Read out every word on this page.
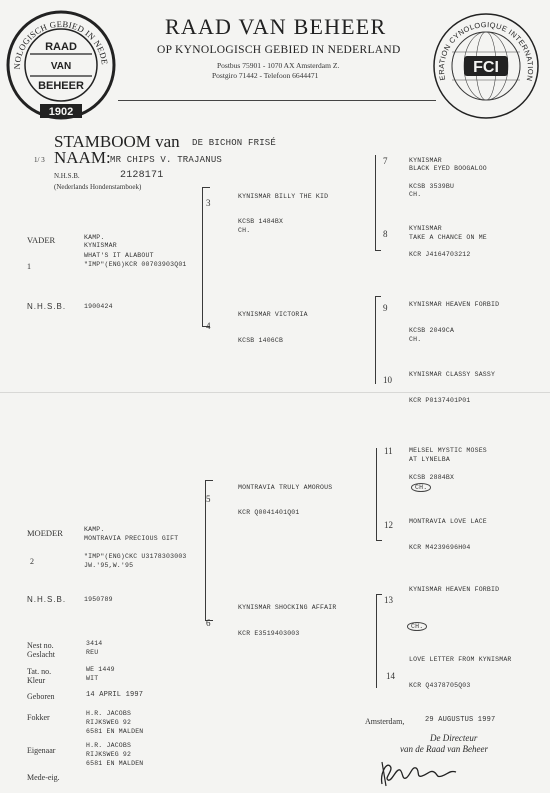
NOLOGISCH GEBIED IN NEDE
RAAD
VAN
BEHEER
1902
ERATION CYNOLOGIQUE INTERNATION
FCI
RAAD VAN BEHEER
OP KYNOLOGISCH GEBIED IN NEDERLAND
Postbus 75901 - 1070 AX Amsterdam Z.
Postgiro 71442 - Telefoon 6644471
STAMBOOM van DE BICHON FRISÉ
1/ 3 NAAM: MR CHIPS V. TRAJANUS
N.H.S.B.	2128171
(Nederlands Hondenstamboek)
VADER
1
KAMP.
KYNISMAR
WHAT'S IT ALABOUT
"IMP"(ENG)KCR 00703903Q01
N.H.S.B.	1900424
MOEDER
2
KAMP.
MONTRAVIA PRECIOUS GIFT
"IMP"(ENG)CKC U3178303003
JW.'95,W.'95
N.H.S.B.	1950789
3
KYNISMAR BILLY THE KID
KCSB 1484BX
CH.
4
KYNISMAR VICTORIA
KCSB 1406CB
5
MONTRAVIA TRULY AMOROUS
KCR Q0041401Q01
6
KYNISMAR SHOCKING AFFAIR
KCR E3519403003
7	KYNISMAR
BLACK EYED BOOGALOO
KCSB 3539BU
CH.
8
KYNISMAR
TAKE A CHANCE ON ME
KCR J4164703212
9	KYNISMAR HEAVEN FORBID
KCSB 2049CA
CH.
10
KYNISMAR CLASSY SASSY
KCR P0137401P01
11	MELSEL MYSTIC MOSES
AT LYNELBA
KCSB 2884BX
CH.
12 MONTRAVIA LOVE LACE
KCR M4239696H04
13
KYNISMAR HEAVEN FORBID
CH.
14
LOVE LETTER FROM KYNISMAR
KCR Q4378705Q03
Nest no.	3414
Geslacht	REU
Tat. no.	WE 1449
Kleur	WIT
Geboren	14 APRIL 1997
Fokker	H.R. JACOBS
RIJKSWEG 92
6581 EN MALDEN
Eigenaar
H.R. JACOBS
RIJKSWEG 92
6581 EN MALDEN
Mede-eig.
Amsterdam,	29 AUGUSTUS 1997
De Directeur
van de Raad van Beheer
